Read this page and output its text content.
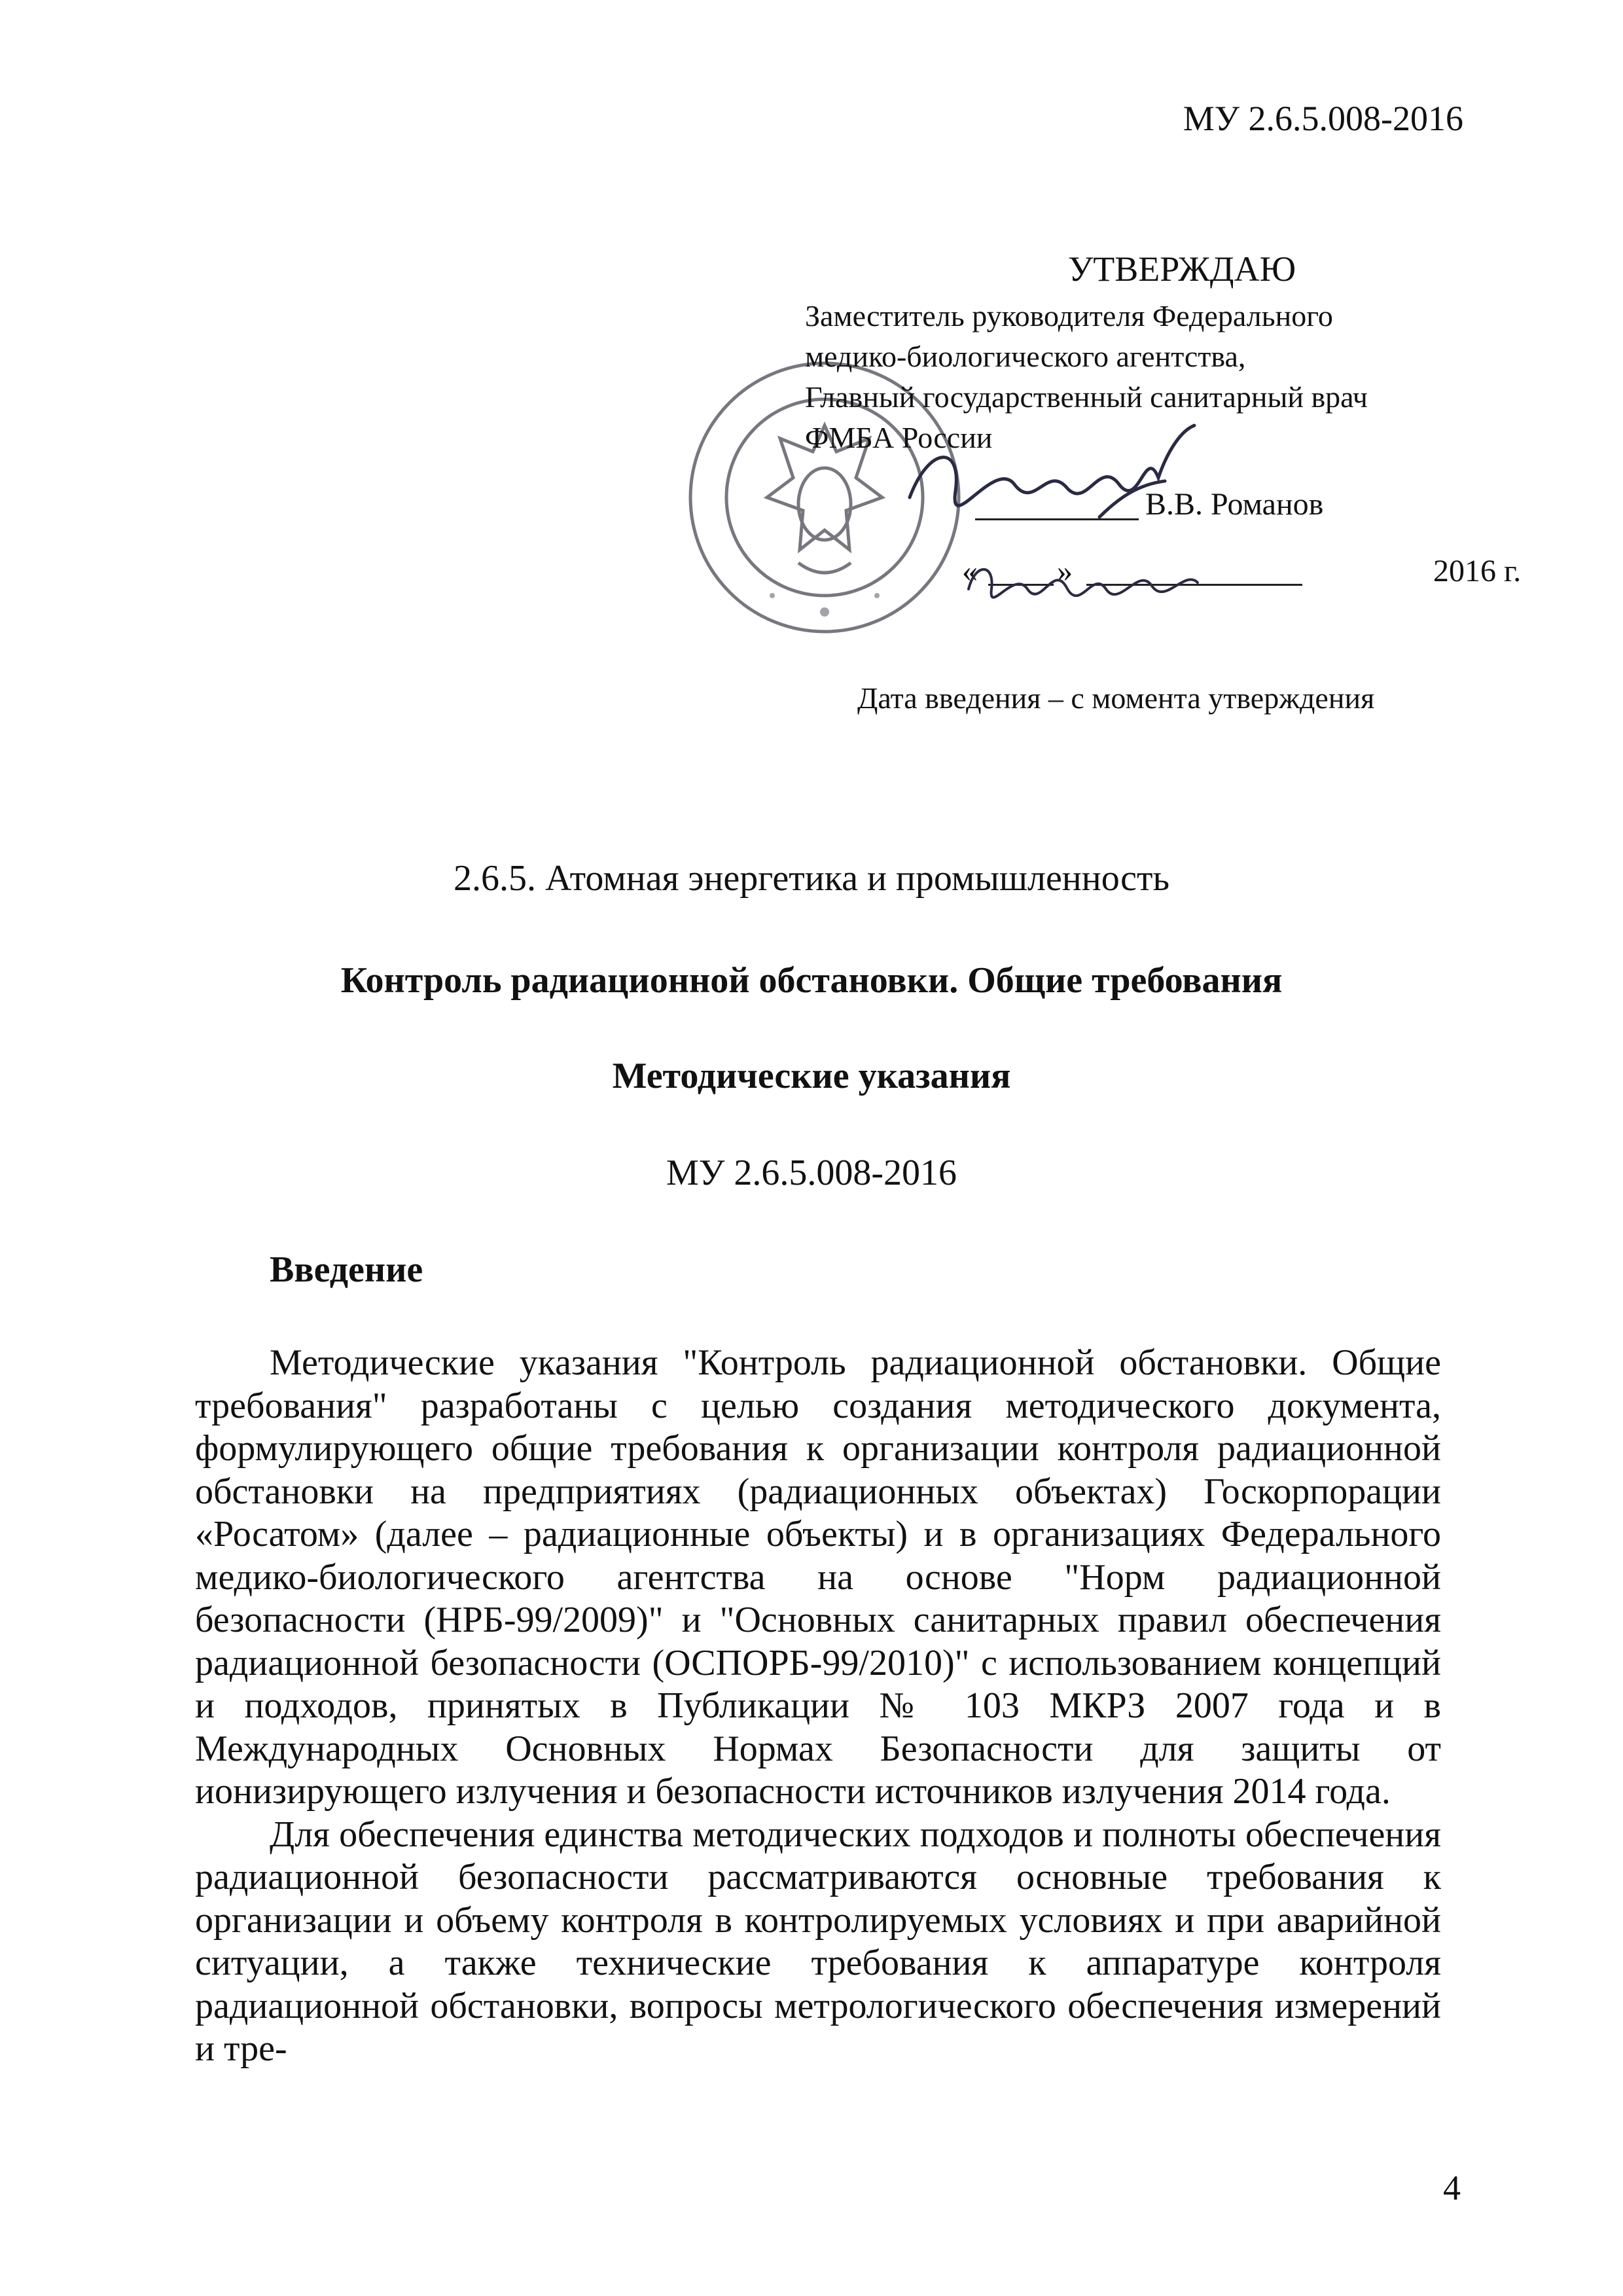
МУ 2.6.5.008-2016
УТВЕРЖДАЮ
Заместитель руководителя Федерального
медико-биологического агентства,
Главный государственный санитарный врач
ФМБА России
В.В. Романов
«	»	2016 г.
Дата введения – с момента утверждения
2.6.5. Атомная энергетика и промышленность
Контроль радиационной обстановки. Общие требования
Методические указания
МУ 2.6.5.008-2016
Введение

Методические указания "Контроль радиационной обстановки. Общие требования" разработаны с целью создания методического документа, формулирующего общие требования к организации контроля радиационной обстановки на предприятиях (радиационных объектах) Госкорпорации «Росатом» (далее – радиационные объекты) и в организациях Федерального медико-биологического агентства на основе "Норм радиационной безопасности (НРБ-99/2009)" и "Основных санитарных правил обеспечения радиационной безопасности (ОСПОРБ-99/2010)" с использованием концепций и подходов, принятых в Публикации № 103 МКРЗ 2007 года и в Международных Основных Нормах Безопасности для защиты от ионизирующего излучения и безопасности источников излучения 2014 года.

Для обеспечения единства методических подходов и полноты обеспечения радиационной безопасности рассматриваются основные требования к организации и объему контроля в контролируемых условиях и при аварийной ситуации, а также технические требования к аппаратуре контроля радиационной обстановки, вопросы метрологического обеспечения измерений и тре-

4
